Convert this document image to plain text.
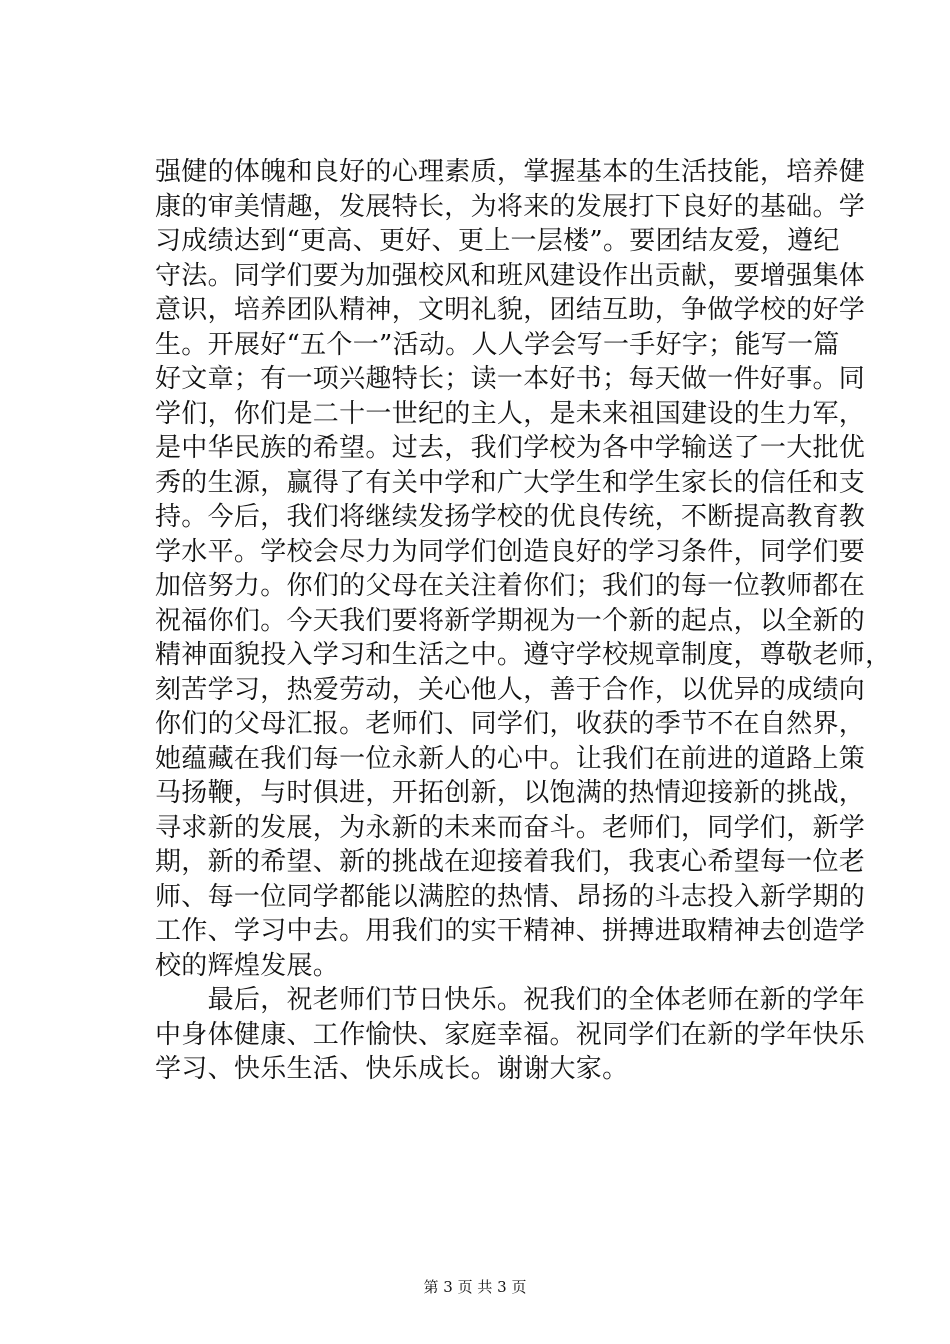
强健的体魄和良好的心理素质，掌握基本的生活技能，培养健
康的审美情趣，发展特长，为将来的发展打下良好的基础。学
习成绩达到“更高、更好、更上一层楼”。要团结友爱，遵纪
守法。同学们要为加强校风和班风建设作出贡献，要增强集体
意识，培养团队精神，文明礼貌，团结互助，争做学校的好学
生。开展好“五个一”活动。人人学会写一手好字；能写一篇
好文章；有一项兴趣特长；读一本好书；每天做一件好事。同
学们，你们是二十一世纪的主人，是未来祖国建设的生力军，
是中华民族的希望。过去，我们学校为各中学输送了一大批优
秀的生源，赢得了有关中学和广大学生和学生家长的信任和支
持。今后，我们将继续发扬学校的优良传统，不断提高教育教
学水平。学校会尽力为同学们创造良好的学习条件，同学们要
加倍努力。你们的父母在关注着你们；我们的每一位教师都在
祝福你们。今天我们要将新学期视为一个新的起点，以全新的
精神面貌投入学习和生活之中。遵守学校规章制度，尊敬老师，
刻苦学习，热爱劳动，关心他人，善于合作，以优异的成绩向
你们的父母汇报。老师们、同学们，收获的季节不在自然界，
她蕴藏在我们每一位永新人的心中。让我们在前进的道路上策
马扬鞭，与时俱进，开拓创新，以饱满的热情迎接新的挑战，
寻求新的发展，为永新的未来而奋斗。老师们，同学们，新学
期，新的希望、新的挑战在迎接着我们，我衷心希望每一位老
师、每一位同学都能以满腔的热情、昂扬的斗志投入新学期的
工作、学习中去。用我们的实干精神、拼搏进取精神去创造学
校的辉煌发展。
　　最后，祝老师们节日快乐。祝我们的全体老师在新的学年
中身体健康、工作愉快、家庭幸福。祝同学们在新的学年快乐
学习、快乐生活、快乐成长。谢谢大家。
第 3 页 共 3 页
